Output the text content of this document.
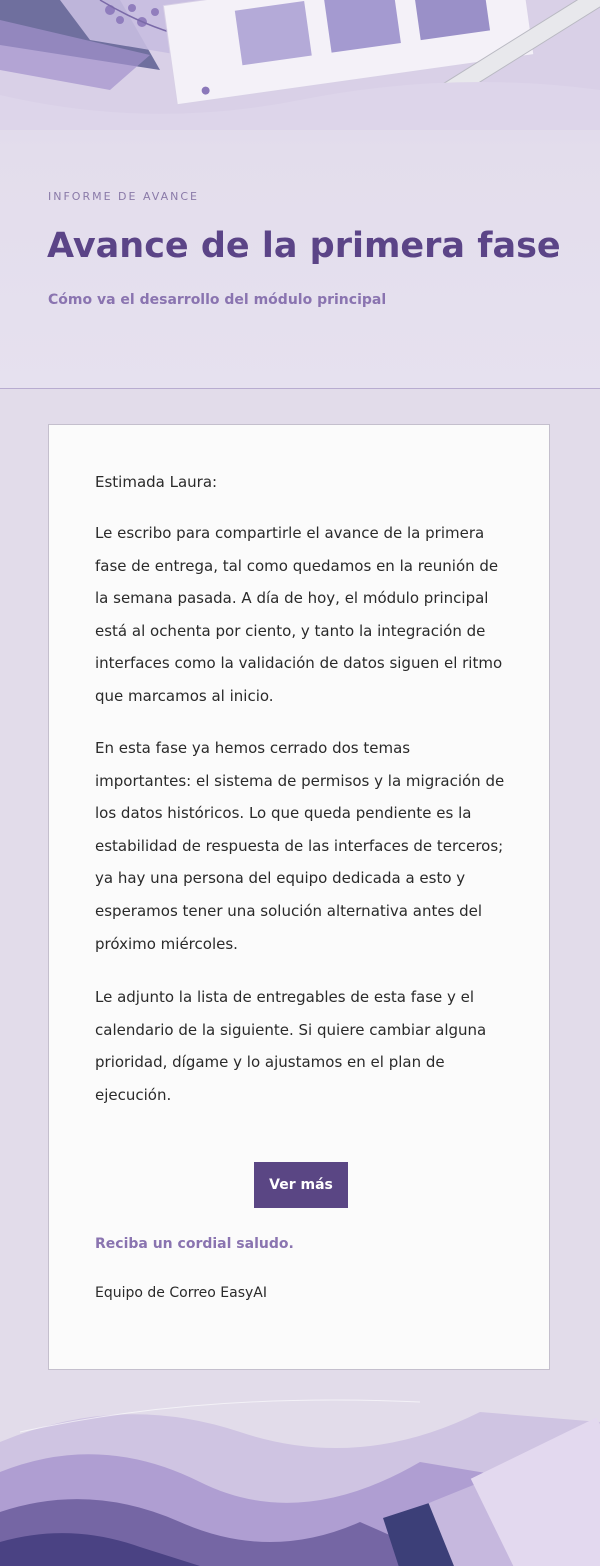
INFORME DE AVANCE
Avance de la primera fase
Cómo va el desarrollo del módulo principal
Estimada Laura:

Le escribo para compartirle el avance de la primera fase de entrega, tal como quedamos en la reunión de la semana pasada. A día de hoy, el módulo principal está al ochenta por ciento, y tanto la integración de interfaces como la validación de datos siguen el ritmo que marcamos al inicio.

En esta fase ya hemos cerrado dos temas importantes: el sistema de permisos y la migración de los datos históricos. Lo que queda pendiente es la estabilidad de respuesta de las interfaces de terceros; ya hay una persona del equipo dedicada a esto y esperamos tener una solución alternativa antes del próximo miércoles.

Le adjunto la lista de entregables de esta fase y el calendario de la siguiente. Si quiere cambiar alguna prioridad, dígame y lo ajustamos en el plan de ejecución.

Ver más
Reciba un cordial saludo.
Equipo de Correo EasyAI
